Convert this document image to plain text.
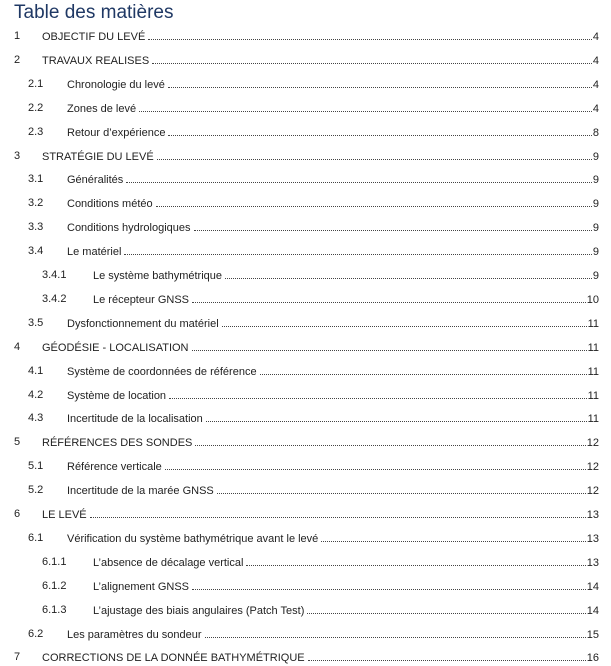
Table des matières
1 OBJECTIF DU LEVÉ	4
2 TRAVAUX REALISES	4
2.1 Chronologie du levé	4
2.2 Zones de levé	4
2.3 Retour d’expérience	8
3 STRATÉGIE DU LEVÉ	9
3.1 Généralités	9
3.2 Conditions météo	9
3.3 Conditions hydrologiques	9
3.4 Le matériel	9
3.4.1 Le système bathymétrique	9
3.4.2 Le récepteur GNSS	10
3.5 Dysfonctionnement du matériel	11
4 GÉODÉSIE - LOCALISATION	11
4.1 Système de coordonnées de référence	11
4.2 Système de location	11
4.3 Incertitude de la localisation	11
5 RÉFÉRENCES DES SONDES	12
5.1 Référence verticale	12
5.2 Incertitude de la marée GNSS	12
6 LE LEVÉ	13
6.1 Vérification du système bathymétrique avant le levé	13
6.1.1 L’absence de décalage vertical	13
6.1.2 L’alignement GNSS	14
6.1.3 L’ajustage des biais angulaires (Patch Test)	14
6.2 Les paramètres du sondeur	15
7 CORRECTIONS DE LA DONNÉE BATHYMÉTRIQUE	16
